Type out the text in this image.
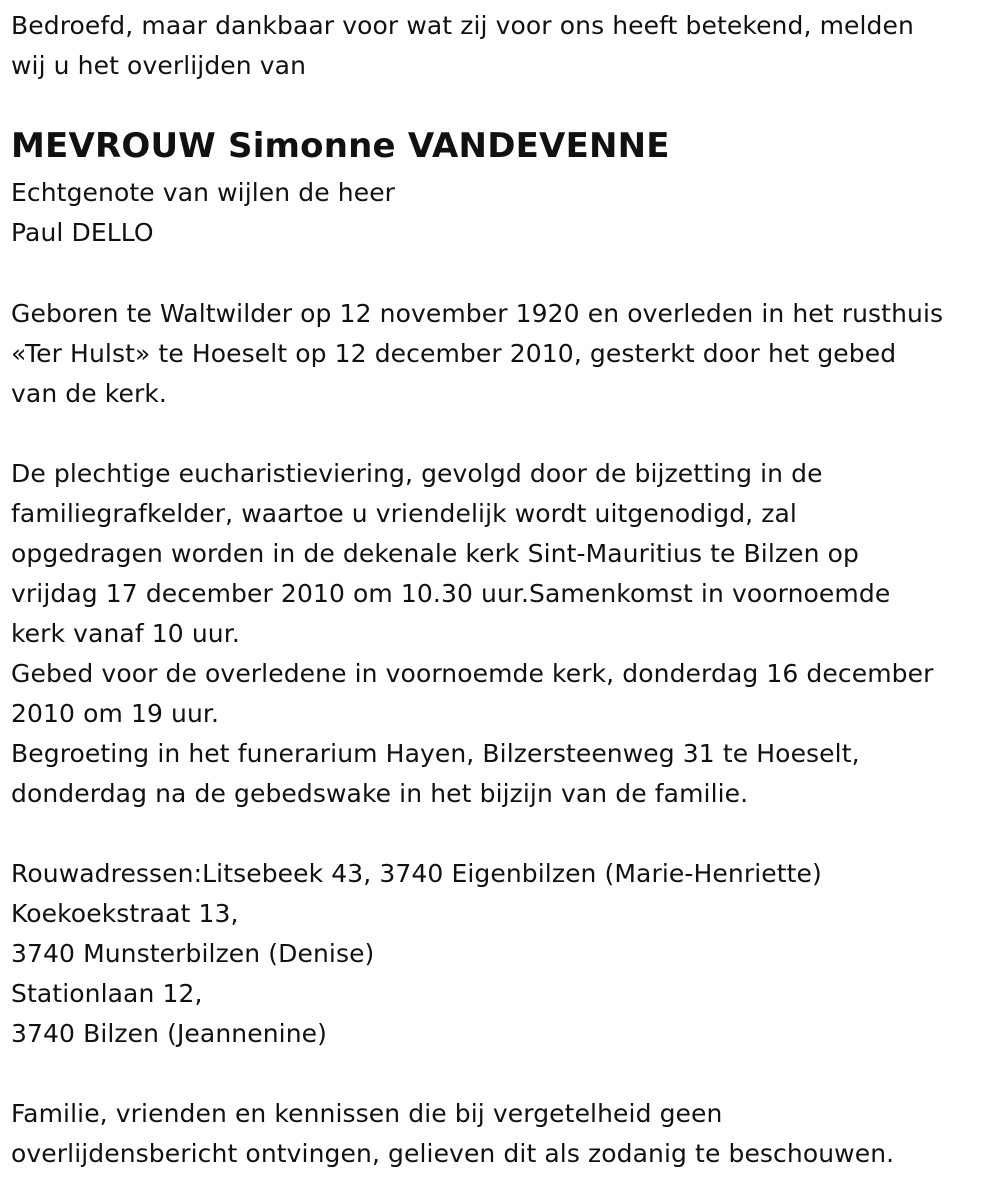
Bedroefd, maar dankbaar voor wat zij voor ons heeft betekend, melden
wij u het overlijden van
MEVROUW Simonne VANDEVENNE
Echtgenote van wijlen de heer
Paul DELLO
Geboren te Waltwilder op 12 november 1920 en overleden in het rusthuis
«Ter Hulst» te Hoeselt op 12 december 2010, gesterkt door het gebed
van de kerk.
De plechtige eucharistieviering, gevolgd door de bijzetting in de
familiegrafkelder, waartoe u vriendelijk wordt uitgenodigd, zal
opgedragen worden in de dekenale kerk Sint-Mauritius te Bilzen op
vrijdag 17 december 2010 om 10.30 uur.Samenkomst in voornoemde
kerk vanaf 10 uur.
Gebed voor de overledene in voornoemde kerk, donderdag 16 december
2010 om 19 uur.
Begroeting in het funerarium Hayen, Bilzersteenweg 31 te Hoeselt,
donderdag na de gebedswake in het bijzijn van de familie.
Rouwadressen:Litsebeek 43, 3740 Eigenbilzen (Marie-Henriette)
Koekoekstraat 13,
3740 Munsterbilzen (Denise)
Stationlaan 12,
3740 Bilzen (Jeannenine)
Familie, vrienden en kennissen die bij vergetelheid geen
overlijdensbericht ontvingen, gelieven dit als zodanig te beschouwen.
